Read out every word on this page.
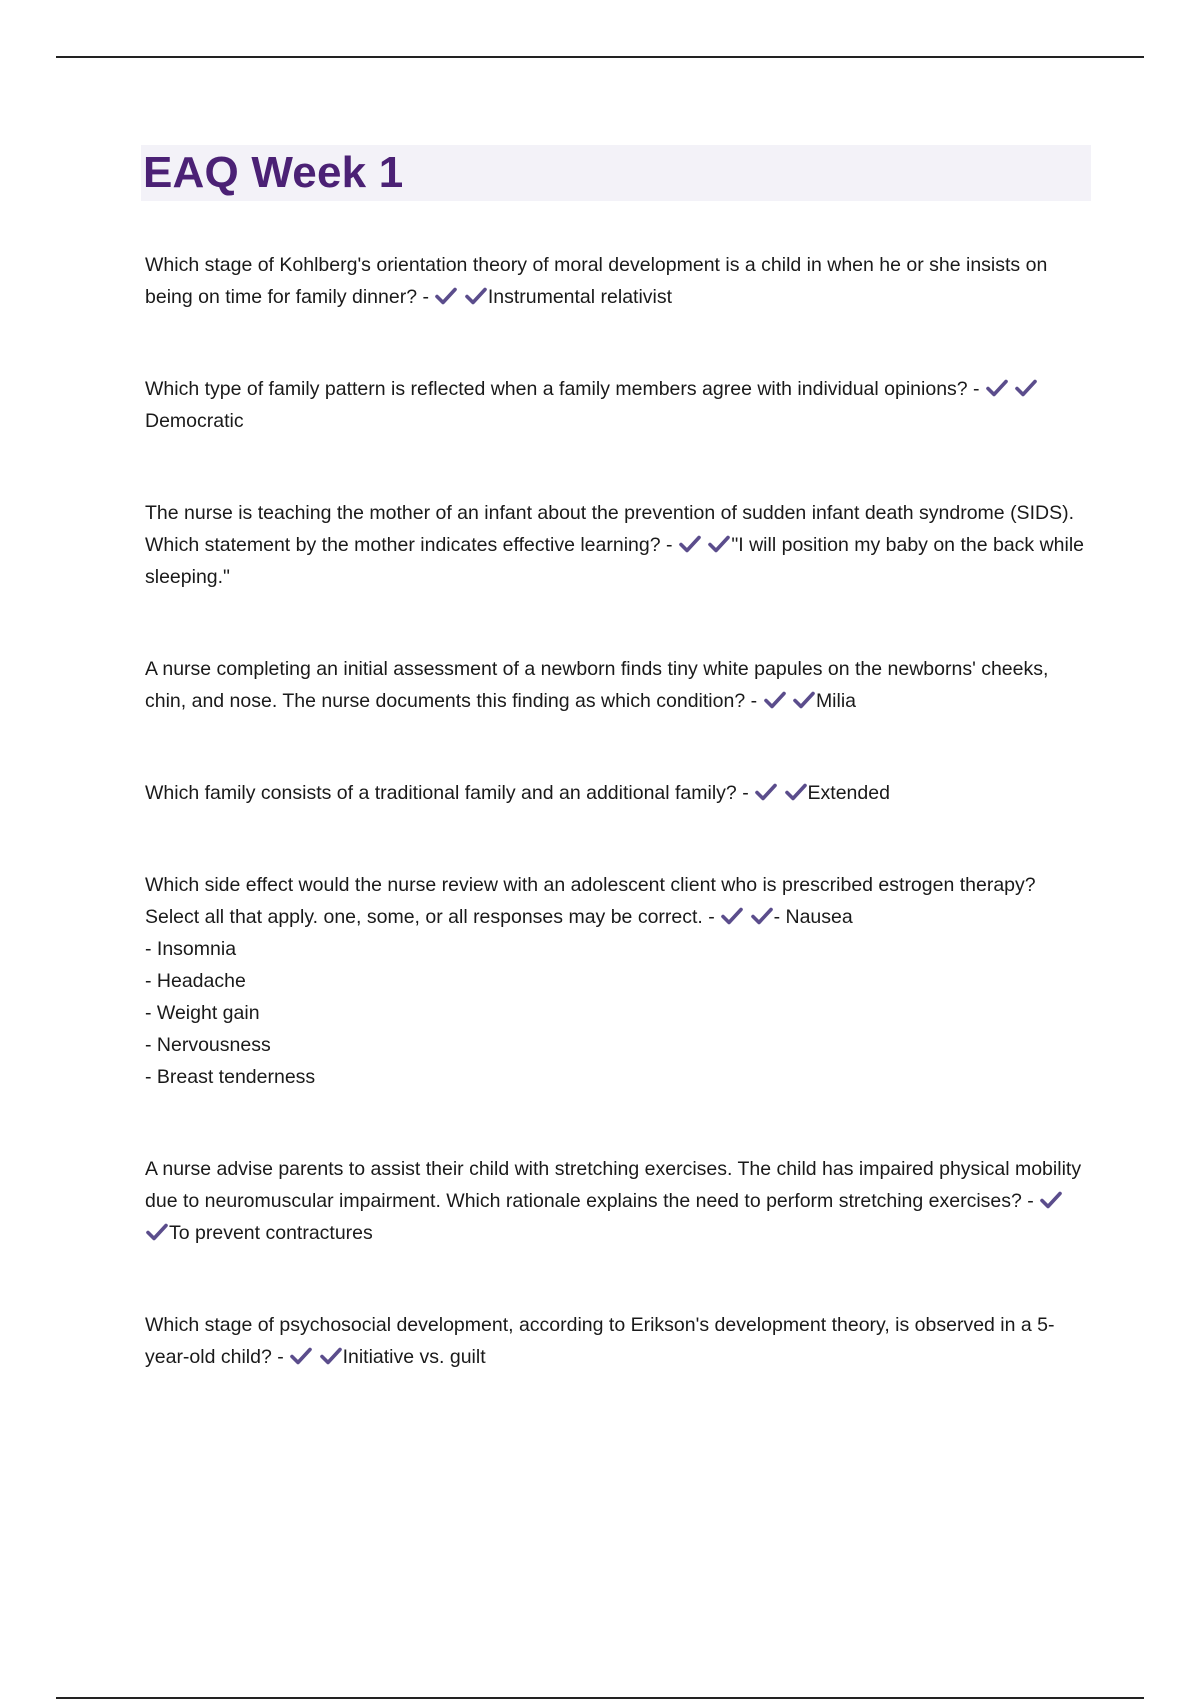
EAQ Week 1

Which stage of Kohlberg's orientation theory of moral development is a child in when he or she insists on being on time for family dinner? -
	Instrumental relativist

Which type of family pattern is reflected when a family members agree with individual opinions? -

Democratic

The nurse is teaching the mother of an infant about the prevention of sudden infant death syndrome (SIDS). Which statement by the mother indicates effective learning? -
	"I will position my baby on the back while sleeping."

A nurse completing an initial assessment of a newborn finds tiny white papules on the newborns' cheeks, chin, and nose. The nurse documents this finding as which condition? -
	Milia

Which family consists of a traditional family and an additional family? -
	Extended

Which side effect would the nurse review with an adolescent client who is prescribed estrogen therapy? Select all that apply. one, some, or all responses may be correct. -
	- Nausea

- Insomnia

- Headache

- Weight gain

- Nervousness

- Breast tenderness

A nurse advise parents to assist their child with stretching exercises. The child has impaired physical mobility due to neuromuscular impairment. Which rationale explains the need to perform stretching exercises? -

To prevent contractures

Which stage of psychosocial development, according to Erikson's development theory, is observed in a 5-year-old child? -
	Initiative vs. guilt
